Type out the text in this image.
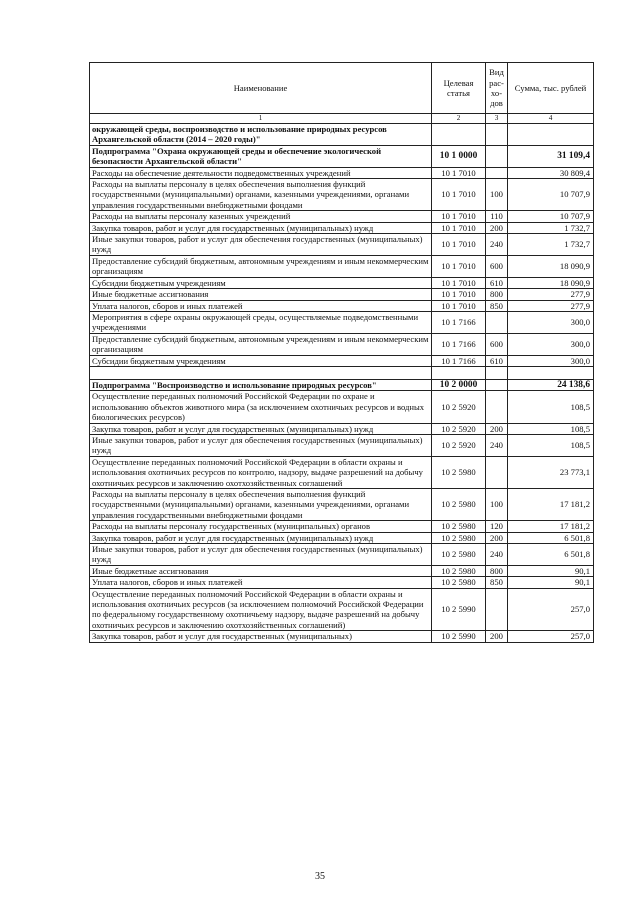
Наименование	Целевая статья	Вид рас- хо- дов	Сумма, тыс. рублей
1	2	3	4
окружающей среды, воспроизводство и использование природных ресурсов Архангельской области (2014 – 2020 годы)"			
Подпрограмма "Охрана окружающей среды и обеспечение экологической безопасности Архангельской области"	10 1 0000		31 109,4
Расходы на обеспечение деятельности подведомственных учреждений	10 1 7010		30 809,4
Расходы на выплаты персоналу в целях обеспечения выполнения функций государственными (муниципальными) органами, казенными учреждениями, органами управления государственными внебюджетными фондами	10 1 7010	100	10 707,9
Расходы на выплаты персоналу казенных учреждений	10 1 7010	110	10 707,9
Закупка товаров, работ и услуг для государственных (муниципальных) нужд	10 1 7010	200	1 732,7
Иные закупки товаров, работ и услуг для обеспечения государственных (муниципальных) нужд	10 1 7010	240	1 732,7
Предоставление субсидий бюджетным, автономным учреждениям и иным некоммерческим организациям	10 1 7010	600	18 090,9
Субсидии бюджетным учреждениям	10 1 7010	610	18 090,9
Иные бюджетные ассигнования	10 1 7010	800	277,9
Уплата налогов, сборов и иных платежей	10 1 7010	850	277,9
Мероприятия в сфере охраны окружающей среды, осуществляемые подведомственными учреждениями	10 1 7166		300,0
Предоставление субсидий бюджетным, автономным учреждениям и иным некоммерческим организациям	10 1 7166	600	300,0
Субсидии бюджетным учреждениям	10 1 7166	610	300,0

Подпрограмма "Воспроизводство и использование природных ресурсов"	10 2 0000		24 138,6
Осуществление переданных полномочий Российской Федерации по охране и использованию объектов животного мира (за исключением охотничьих ресурсов и водных биологических ресурсов)	10 2 5920		108,5
Закупка товаров, работ и услуг для государственных (муниципальных) нужд	10 2 5920	200	108,5
Иные закупки товаров, работ и услуг для обеспечения государственных (муниципальных) нужд	10 2 5920	240	108,5
Осуществление переданных полномочий Российской Федерации в области охраны и использования охотничьих ресурсов по контролю, надзору, выдаче разрешений на добычу охотничьих ресурсов и заключению охотхозяйственных соглашений	10 2 5980		23 773,1
Расходы на выплаты персоналу в целях обеспечения выполнения функций государственными (муниципальными) органами, казенными учреждениями, органами управления государственными внебюджетными фондами	10 2 5980	100	17 181,2
Расходы на выплаты персоналу государственных (муниципальных) органов	10 2 5980	120	17 181,2
Закупка товаров, работ и услуг для государственных (муниципальных) нужд	10 2 5980	200	6 501,8
Иные закупки товаров, работ и услуг для обеспечения государственных (муниципальных) нужд	10 2 5980	240	6 501,8
Иные бюджетные ассигнования	10 2 5980	800	90,1
Уплата налогов, сборов и иных платежей	10 2 5980	850	90,1
Осуществление переданных полномочий Российской Федерации в области охраны и использования охотничьих ресурсов (за исключением полномочий Российской Федерации по федеральному государственному охотничьему надзору, выдаче разрешений на добычу охотничьих ресурсов и заключению охотхозяйственных соглашений)	10 2 5990		257,0
Закупка товаров, работ и услуг для государственных (муниципальных)	10 2 5990	200	257,0
35
